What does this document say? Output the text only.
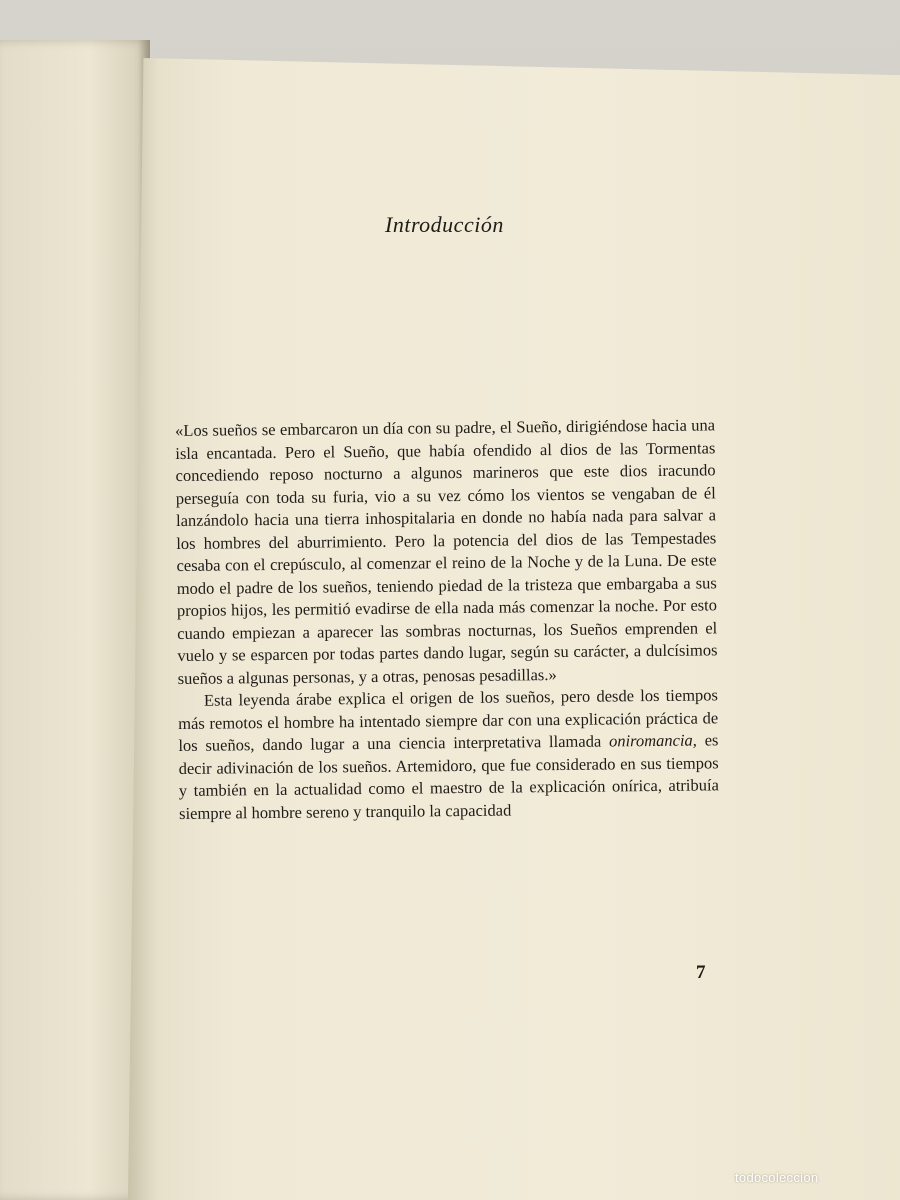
Introducción

«Los sueños se embarcaron un día con su padre, el Sueño, dirigiéndose hacia una isla encantada. Pero el Sueño, que había ofendido al dios de las Tormentas concediendo reposo nocturno a algunos marineros que este dios iracundo perseguía con toda su furia, vio a su vez cómo los vientos se vengaban de él lanzándolo hacia una tierra inhospitalaria en donde no había nada para salvar a los hombres del aburrimiento. Pero la potencia del dios de las Tempestades cesaba con el crepúsculo, al comenzar el reino de la Noche y de la Luna. De este modo el padre de los sueños, teniendo piedad de la tristeza que embargaba a sus propios hijos, les permitió evadirse de ella nada más comenzar la noche. Por esto cuando empiezan a aparecer las sombras nocturnas, los Sueños emprenden el vuelo y se esparcen por todas partes dando lugar, según su carácter, a dulcísimos sueños a algunas personas, y a otras, penosas pesadillas.»

Esta leyenda árabe explica el origen de los sueños, pero desde los tiempos más remotos el hombre ha intentado siempre dar con una explicación práctica de los sueños, dando lugar a una ciencia interpretativa llamada oniromancia, es decir adivinación de los sueños. Artemidoro, que fue considerado en sus tiempos y también en la actualidad como el maestro de la explicación onírica, atribuía siempre al hombre sereno y tranquilo la capacidad

7
todocoleccion
